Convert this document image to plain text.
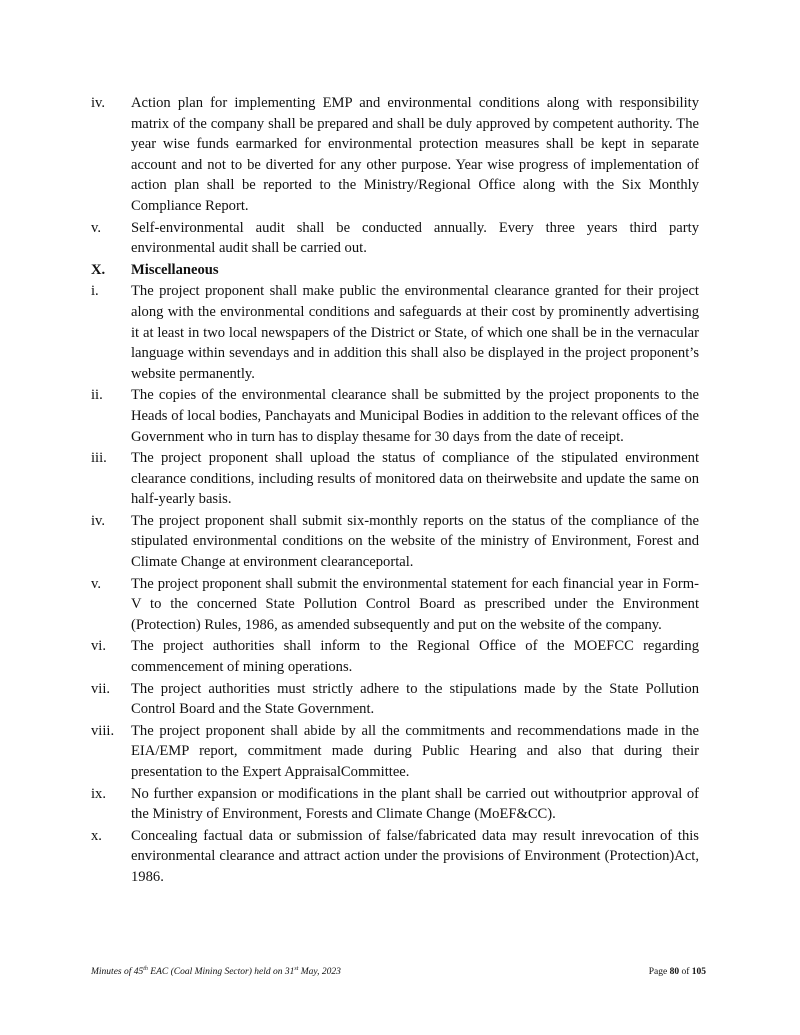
iv.	Action plan for implementing EMP and environmental conditions along with responsibility matrix of the company shall be prepared and shall be duly approved by competent authority. The year wise funds earmarked for environmental protection measures shall be kept in separate account and not to be diverted for any other purpose. Year wise progress of implementation of action plan shall be reported to the Ministry/Regional Office along with the Six Monthly Compliance Report.
v.	Self-environmental audit shall be conducted annually. Every three years third party environmental audit shall be carried out.
X.	Miscellaneous
i.	The project proponent shall make public the environmental clearance granted for their project along with the environmental conditions and safeguards at their cost by prominently advertising it at least in two local newspapers of the District or State, of which one shall be in the vernacular language within sevendays and in addition this shall also be displayed in the project proponent’s website permanently.
ii.	The copies of the environmental clearance shall be submitted by the project proponents to the Heads of local bodies, Panchayats and Municipal Bodies in addition to the relevant offices of the Government who in turn has to display thesame for 30 days from the date of receipt.
iii.	The project proponent shall upload the status of compliance of the stipulated environment clearance conditions, including results of monitored data on theirwebsite and update the same on half-yearly basis.
iv.	The project proponent shall submit six-monthly reports on the status of the compliance of the stipulated environmental conditions on the website of the ministry of Environment, Forest and Climate Change at environment clearanceportal.
v.	The project proponent shall submit the environmental statement for each financial year in Form-V to the concerned State Pollution Control Board as prescribed under the Environment (Protection) Rules, 1986, as amended subsequently and put on the website of the company.
vi.	The project authorities shall inform to the Regional Office of the MOEFCC regarding commencement of mining operations.
vii.	The project authorities must strictly adhere to the stipulations made by the State Pollution Control Board and the State Government.
viii.	The project proponent shall abide by all the commitments and recommendations made in the EIA/EMP report, commitment made during Public Hearing and also that during their presentation to the Expert AppraisalCommittee.
ix.	No further expansion or modifications in the plant shall be carried out withoutprior approval of the Ministry of Environment, Forests and Climate Change (MoEF&CC).
x.	Concealing factual data or submission of false/fabricated data may result inrevocation of this environmental clearance and attract action under the provisions of Environment (Protection)Act, 1986.
Minutes of 45th EAC (Coal Mining Sector) held on 31st May, 2023	Page 80 of 105
